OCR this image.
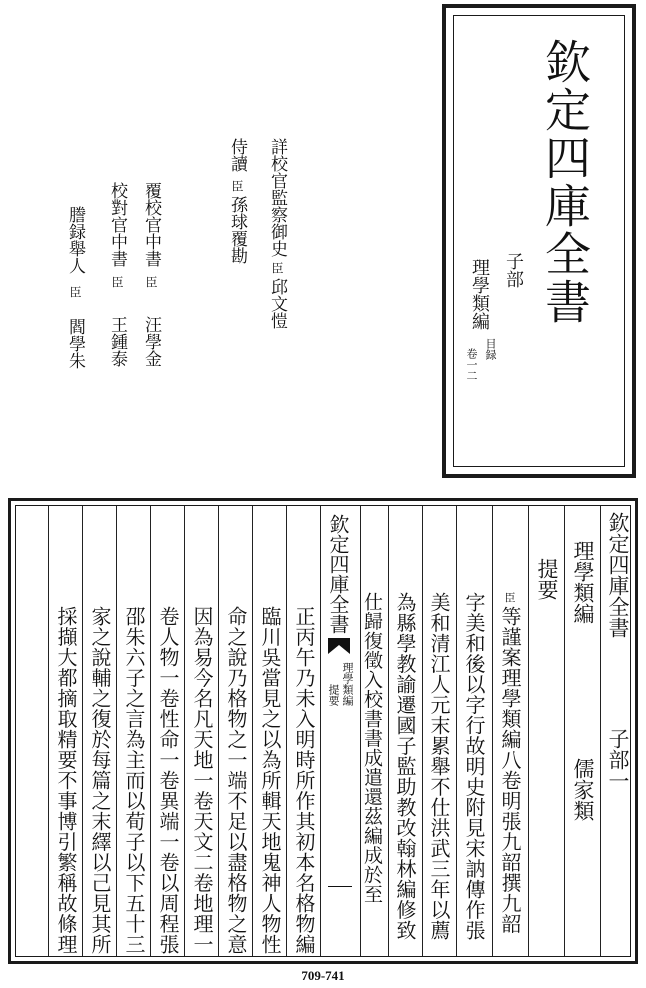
欽定四庫全書
子部
理學類編
目録
卷一二
詳校官監察御史
臣
邱文愷
侍讀
臣
孫球覆勘
覆校官中書
臣
汪學金
校對官中書
臣
王鍾泰
謄録舉人
臣
閻學朱
欽定四庫全書
子部一
理學類編
儒家類
提要
臣
等謹案理學類編八卷明張九韶撰九韶
字美和後以字行故明史附見宋訥傳作張
美和清江人元末累舉不仕洪武三年以薦
為縣學教諭遷國子監助教改翰林編修致
仕歸復徵入校書書成遣還茲編成於至
欽定四庫全書
理學類編
提要
正丙午乃未入明時所作其初本名格物編
臨川吳當見之以為所輯天地鬼神人物性
命之說乃格物之一端不足以盡格物之意
因為易今名凡天地一卷天文二卷地理一
卷人物一卷性命一卷異端一卷以周程張
邵朱六子之言為主而以荀子以下五十三
家之說輔之復於每篇之末繹以己見其所
採擷大都摘取精要不事博引繁稱故條理
709-741
